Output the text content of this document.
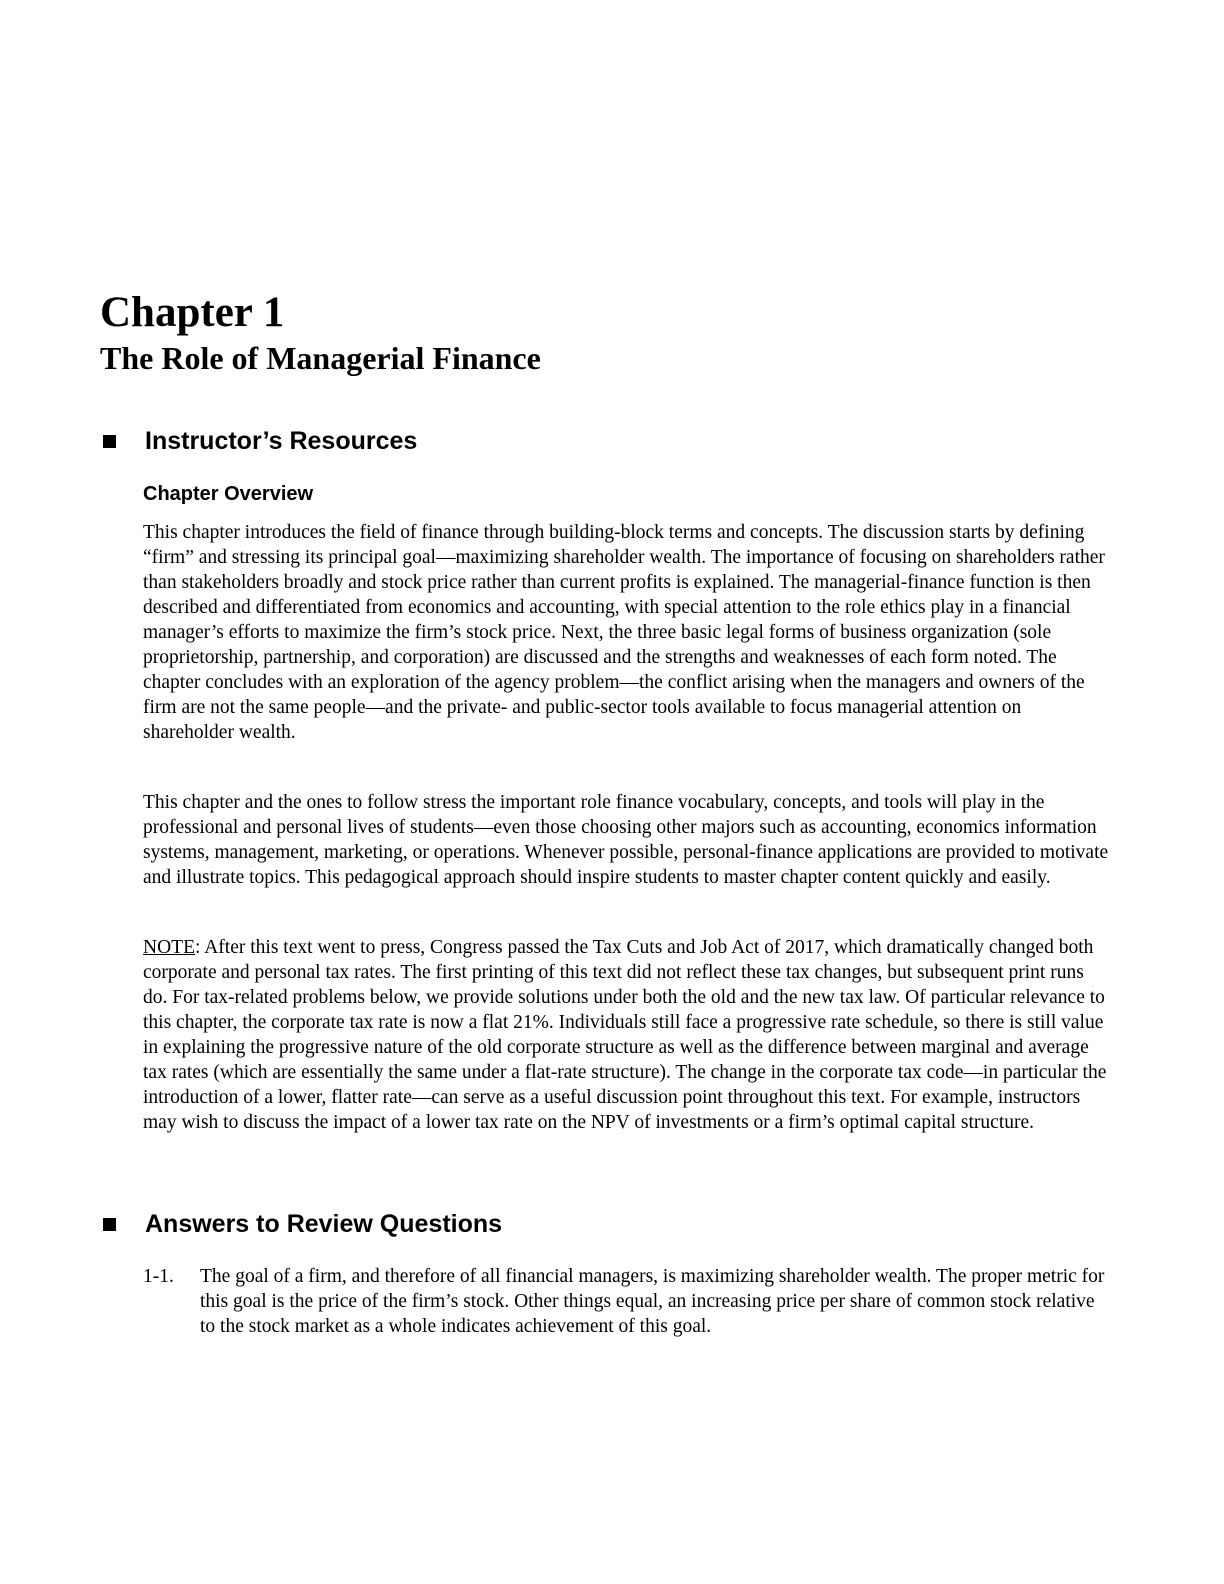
Chapter 1
The Role of Managerial Finance
Instructor’s Resources
Chapter Overview

This chapter introduces the field of finance through building-block terms and concepts. The discussion starts by defining “firm” and stressing its principal goal—maximizing shareholder wealth. The importance of focusing on shareholders rather than stakeholders broadly and stock price rather than current profits is explained. The managerial-finance function is then described and differentiated from economics and accounting, with special attention to the role ethics play in a financial manager’s efforts to maximize the firm’s stock price. Next, the three basic legal forms of business organization (sole proprietorship, partnership, and corporation) are discussed and the strengths and weaknesses of each form noted. The chapter concludes with an exploration of the agency problem—the conflict arising when the managers and owners of the firm are not the same people—and the private- and public-sector tools available to focus managerial attention on shareholder wealth.

This chapter and the ones to follow stress the important role finance vocabulary, concepts, and tools will play in the professional and personal lives of students—even those choosing other majors such as accounting, economics information systems, management, marketing, or operations. Whenever possible, personal-finance applications are provided to motivate and illustrate topics. This pedagogical approach should inspire students to master chapter content quickly and easily.

NOTE: After this text went to press, Congress passed the Tax Cuts and Job Act of 2017, which dramatically changed both corporate and personal tax rates. The first printing of this text did not reflect these tax changes, but subsequent print runs do. For tax-related problems below, we provide solutions under both the old and the new tax law. Of particular relevance to this chapter, the corporate tax rate is now a flat 21%. Individuals still face a progressive rate schedule, so there is still value in explaining the progressive nature of the old corporate structure as well as the difference between marginal and average tax rates (which are essentially the same under a flat-rate structure). The change in the corporate tax code—in particular the introduction of a lower, flatter rate—can serve as a useful discussion point throughout this text. For example, instructors may wish to discuss the impact of a lower tax rate on the NPV of investments or a firm’s optimal capital structure.

Answers to Review Questions
1-1.	The goal of a firm, and therefore of all financial managers, is maximizing shareholder wealth. The proper metric for this goal is the price of the firm’s stock. Other things equal, an increasing price per share of common stock relative to the stock market as a whole indicates achievement of this goal.
